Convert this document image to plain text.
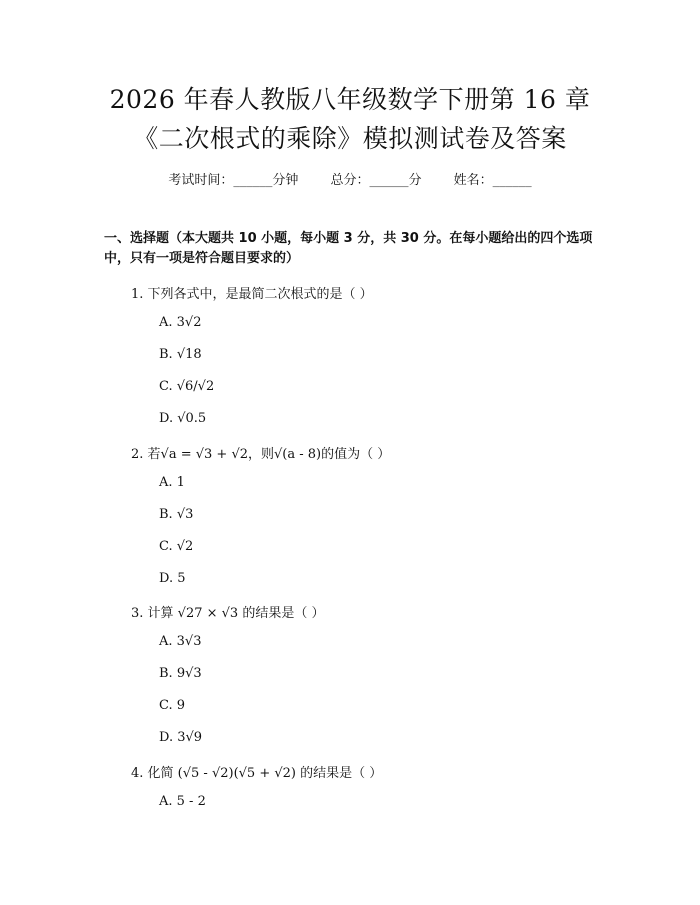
2026 年春人教版八年级数学下册第 16 章
《二次根式的乘除》模拟测试卷及答案
考试时间：______分钟 总分：______分 姓名：______
一、选择题（本大题共 10 小题，每小题 3 分，共 30 分。在每小题给出的四个选项中，只有一项是符合题目要求的）
1. 下列各式中，是最简二次根式的是（ ）
A. 3√2
B. √18
C. √6/√2
D. √0.5
2. 若√a = √3 + √2，则√(a - 8)的值为（ ）
A. 1
B. √3
C. √2
D. 5
3. 计算 √27 × √3 的结果是（ ）
A. 3√3
B. 9√3
C. 9
D. 3√9
4. 化简 (√5 - √2)(√5 + √2) 的结果是（ ）
A. 5 - 2
